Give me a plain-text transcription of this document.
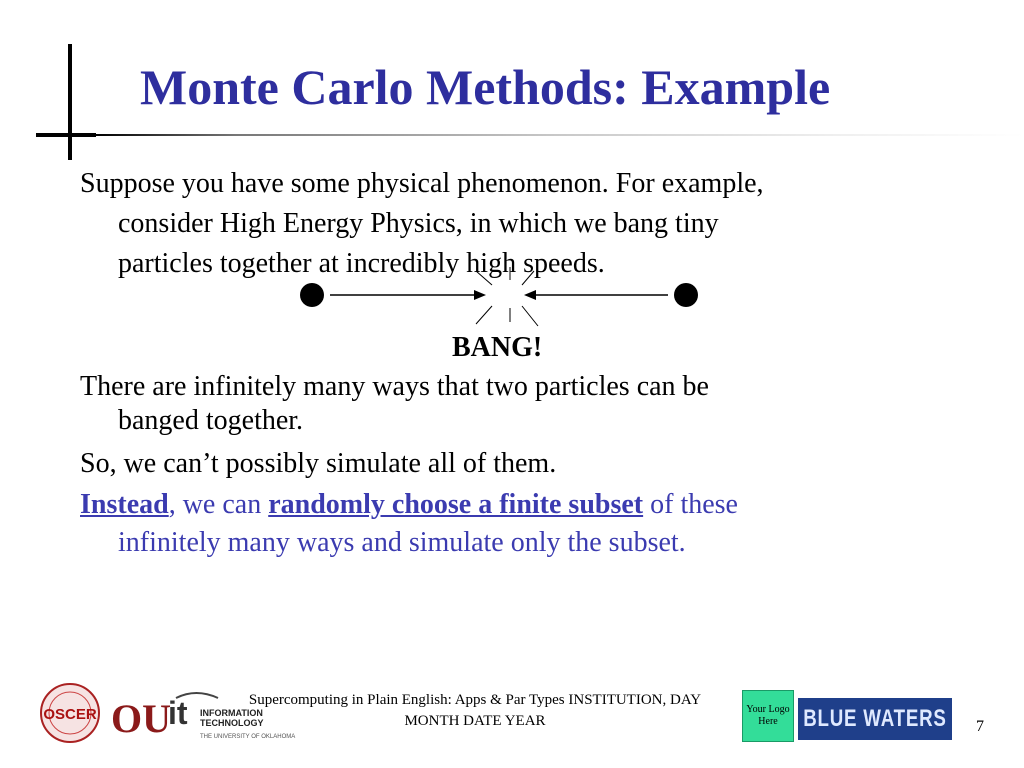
Monte Carlo Methods: Example
Suppose you have some physical phenomenon. For example,
consider High Energy Physics, in which we bang tiny
particles together at incredibly high speeds.
BANG!
There are infinitely many ways that two particles can be
banged together.
So, we can’t possibly simulate all of them.
Instead, we can randomly choose a finite subset of these
infinitely many ways and simulate only the subset.
OSCER OU
it INFORMATION
TECHNOLOGY
THE UNIVERSITY OF OKLAHOMA
Supercomputing in Plain English: Apps & Par Types INSTITUTION, DAY
MONTH DATE YEAR
Your Logo Here	BLUE WATERS 7
